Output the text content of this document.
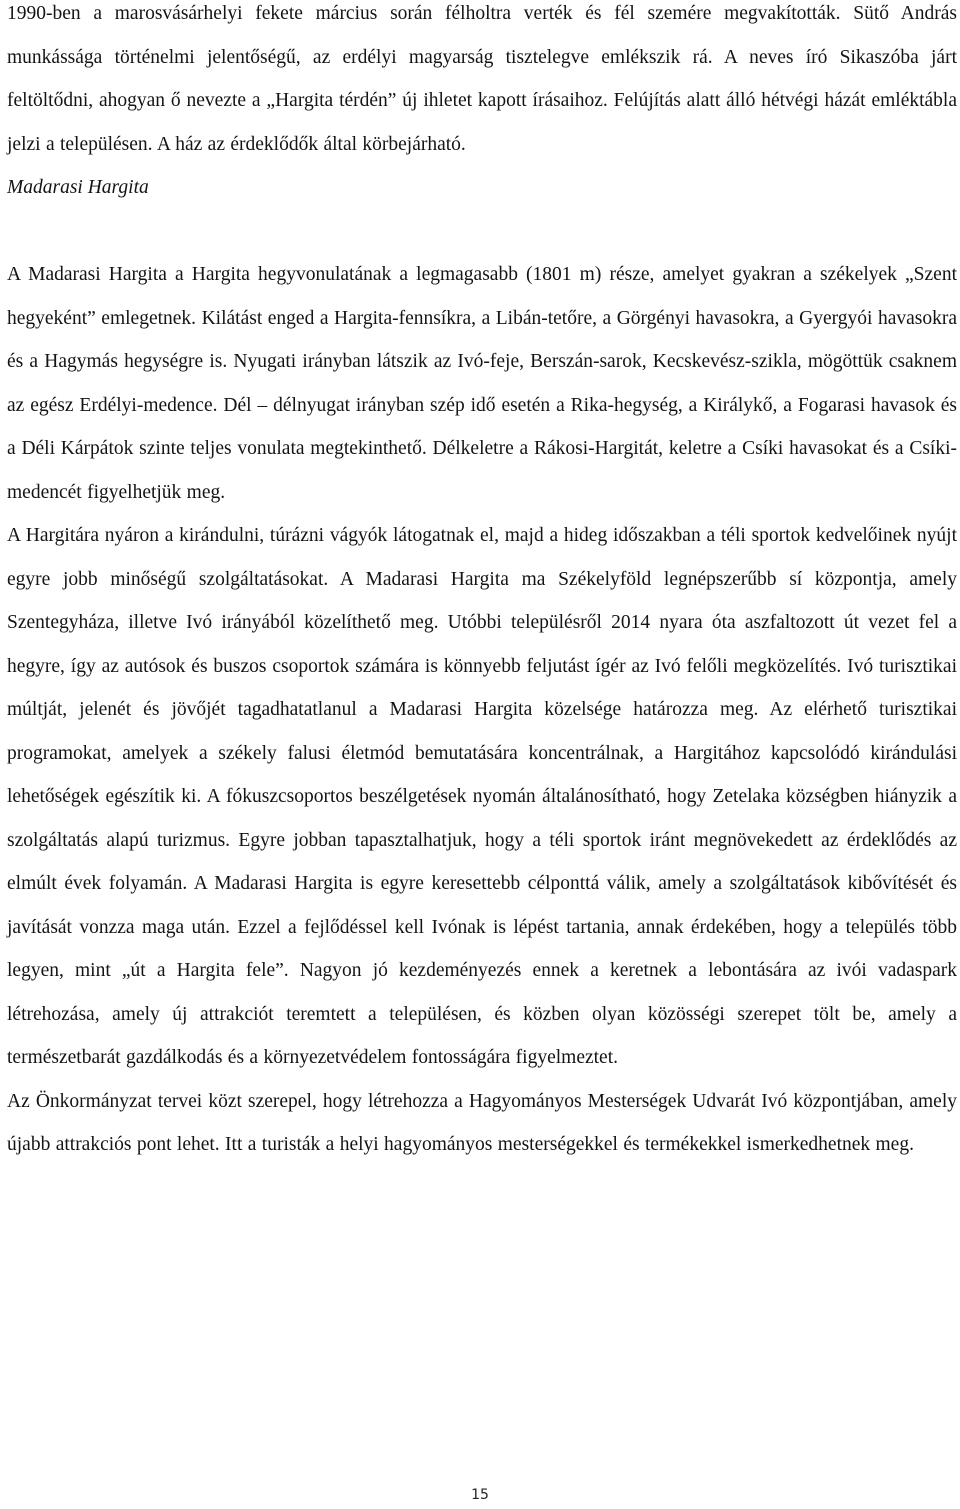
1990-ben a marosvásárhelyi fekete március során félholtra verték és fél szemére megvakították. Sütő András munkássága történelmi jelentőségű, az erdélyi magyarság tisztelegve emlékszik rá. A neves író Sikaszóba járt feltöltődni, ahogyan ő nevezte a „Hargita térdén” új ihletet kapott írásaihoz. Felújítás alatt álló hétvégi házát emléktábla jelzi a településen. A ház az érdeklődők által körbejárható.

Madarasi Hargita

A Madarasi Hargita a Hargita hegyvonulatának a legmagasabb (1801 m) része, amelyet gyakran a székelyek „Szent hegyeként” emlegetnek. Kilátást enged a Hargita-fennsíkra, a Libán-tetőre, a Görgényi havasokra, a Gyergyói havasokra és a Hagymás hegységre is. Nyugati irányban látszik az Ivó-feje, Berszán-sarok, Kecskevész-szikla, mögöttük csaknem az egész Erdélyi-medence. Dél – délnyugat irányban szép idő esetén a Rika-hegység, a Királykő, a Fogarasi havasok és a Déli Kárpátok szinte teljes vonulata megtekinthető. Délkeletre a Rákosi-Hargitát, keletre a Csíki havasokat és a Csíki-medencét figyelhetjük meg.

A Hargitára nyáron a kirándulni, túrázni vágyók látogatnak el, majd a hideg időszakban a téli sportok kedvelőinek nyújt egyre jobb minőségű szolgáltatásokat. A Madarasi Hargita ma Székelyföld legnépszerűbb sí központja, amely Szentegyháza, illetve Ivó irányából közelíthető meg. Utóbbi településről 2014 nyara óta aszfaltozott út vezet fel a hegyre, így az autósok és buszos csoportok számára is könnyebb feljutást ígér az Ivó felőli megközelítés. Ivó turisztikai múltját, jelenét és jövőjét tagadhatatlanul a Madarasi Hargita közelsége határozza meg. Az elérhető turisztikai programokat, amelyek a székely falusi életmód bemutatására koncentrálnak, a Hargitához kapcsolódó kirándulási lehetőségek egészítik ki. A fókuszcsoportos beszélgetések nyomán általánosítható, hogy Zetelaka községben hiányzik a szolgáltatás alapú turizmus. Egyre jobban tapasztalhatjuk, hogy a téli sportok iránt megnövekedett az érdeklődés az elmúlt évek folyamán. A Madarasi Hargita is egyre keresettebb célponttá válik, amely a szolgáltatások kibővítését és javítását vonzza maga után. Ezzel a fejlődéssel kell Ivónak is lépést tartania, annak érdekében, hogy a település több legyen, mint „út a Hargita fele”. Nagyon jó kezdeményezés ennek a keretnek a lebontására az ivói vadaspark létrehozása, amely új attrakciót teremtett a településen, és közben olyan közösségi szerepet tölt be, amely a természetbarát gazdálkodás és a környezetvédelem fontosságára figyelmeztet.

Az Önkormányzat tervei közt szerepel, hogy létrehozza a Hagyományos Mesterségek Udvarát Ivó központjában, amely újabb attrakciós pont lehet. Itt a turisták a helyi hagyományos mesterségekkel és termékekkel ismerkedhetnek meg.

15
